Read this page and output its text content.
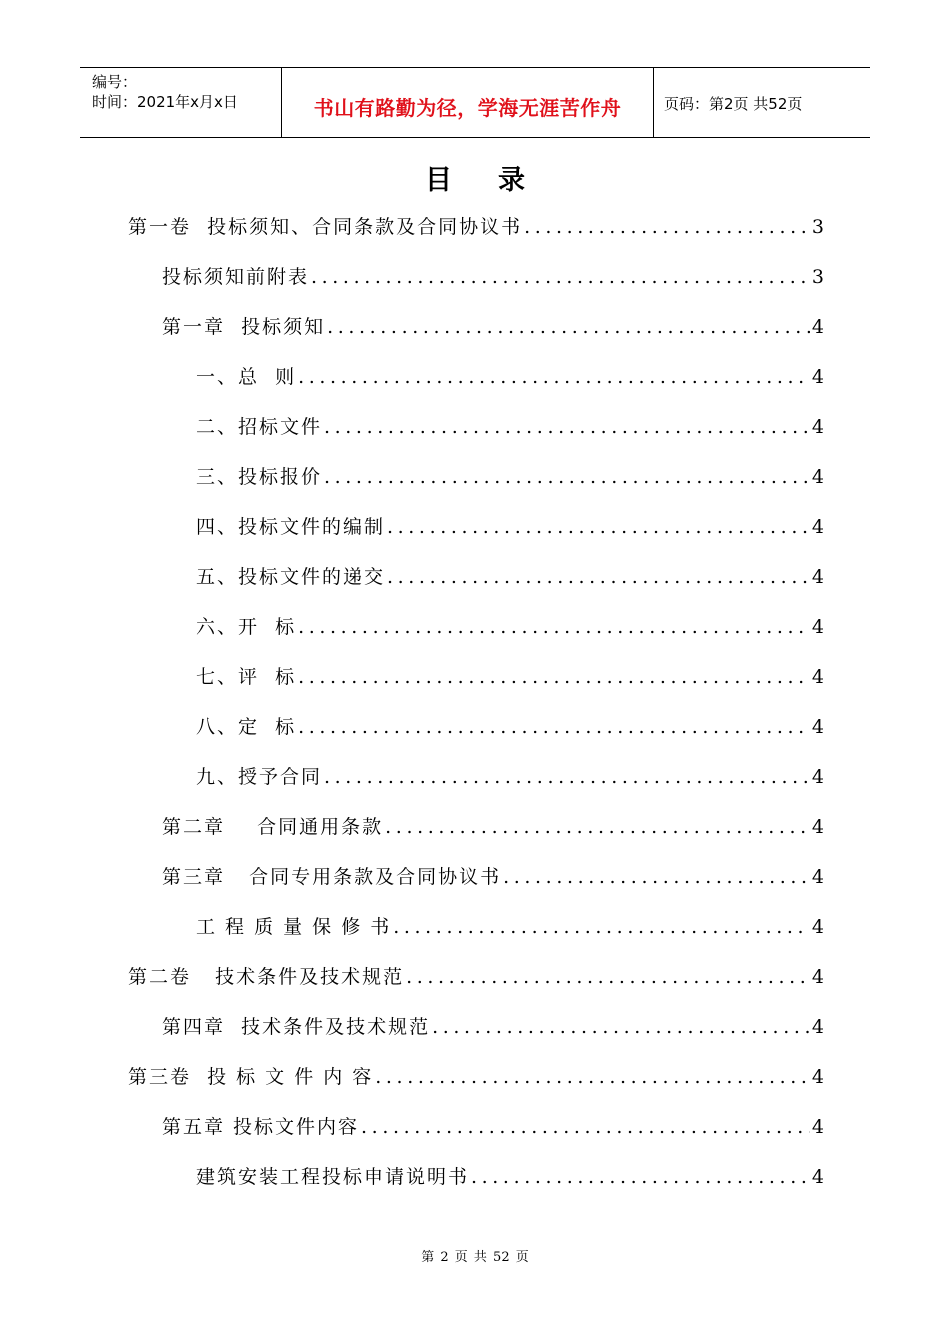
编号：
时间：2021年x月x日	书山有路勤为径，学海无涯苦作舟	页码：第2页 共52页
目录
第一卷  投标须知、合同条款及合同协议书 .....	3
投标须知前附表 .....	3
第一章  投标须知 .....	4
一、总  则 .....	4
二、招标文件 .....	4
三、投标报价 .....	4
四、投标文件的编制 .....	4
五、投标文件的递交 .....	4
六、开  标 .....	4
七、评  标 .....	4
八、定  标 .....	4
九、授予合同 .....	4
第二章    合同通用条款 .....	4
第三章   合同专用条款及合同协议书 .....	4
工 程 质 量 保 修 书 .....	4
第二卷   技术条件及技术规范 .....	4
第四章  技术条件及技术规范 .....	4
第三卷  投 标 文 件 内 容 .....	4
第五章 投标文件内容 .....	4
建筑安装工程投标申请说明书 .....	4
第 2 页 共 52 页
